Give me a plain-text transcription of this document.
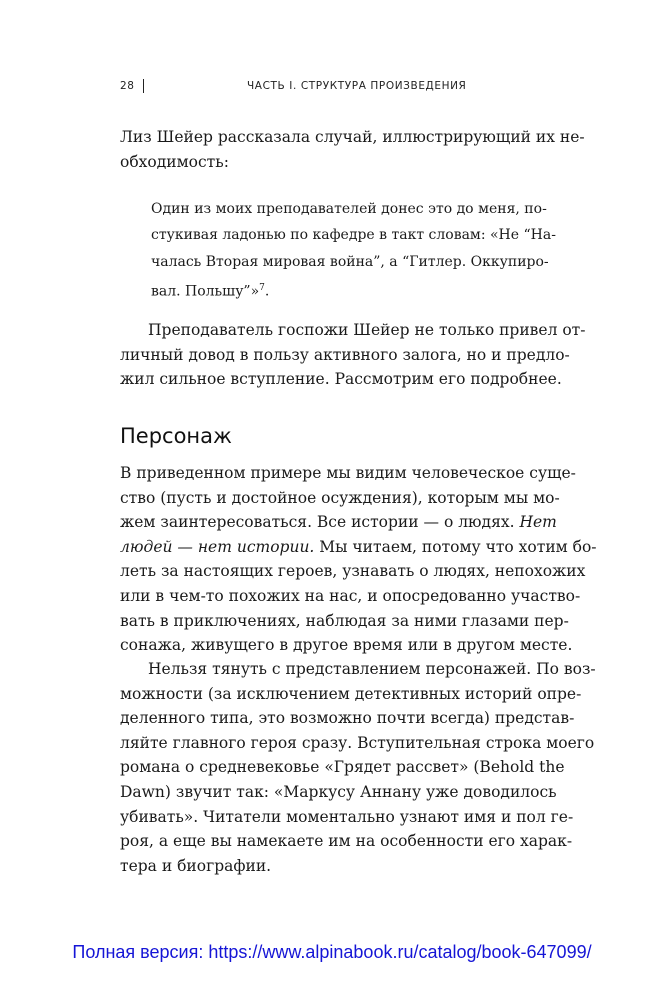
28	ЧАСТЬ I. СТРУКТУРА ПРОИЗВЕДЕНИЯ
Лиз Шейер рассказала случай, иллюстрирующий их не-
обходимость:
Один из моих преподавателей донес это до меня, по-
стукивая ладонью по кафедре в такт словам: «Не “На-
чалась Вторая мировая война”, а “Гитлер. Оккупиро-
вал. Польшу”»$^7$.
Преподаватель госпожи Шейер не только привел от-
личный довод в пользу активного залога, но и предло-
жил сильное вступление. Рассмотрим его подробнее.
Персонаж
В приведенном примере мы видим человеческое суще-
ство (пусть и достойное осуждения), которым мы мо-
жем заинтересоваться. Все истории — о людях. Нет
людей — нет истории. Мы читаем, потому что хотим бо-
леть за настоящих героев, узнавать о людях, непохожих
или в чем-то похожих на нас, и опосредованно участво-
вать в приключениях, наблюдая за ними глазами пер-
сонажа, живущего в другое время или в другом месте.
Нельзя тянуть с представлением персонажей. По воз-
можности (за исключением детективных историй опре-
деленного типа, это возможно почти всегда) представ-
ляйте главного героя сразу. Вступительная строка моего
романа о средневековье «Грядет рассвет» (Behold the
Dawn) звучит так: «Маркусу Аннану уже доводилось
убивать». Читатели моментально узнают имя и пол ге-
роя, а еще вы намекаете им на особенности его харак-
тера и биографии.
Полная версия: https://www.alpinabook.ru/catalog/book-647099/
